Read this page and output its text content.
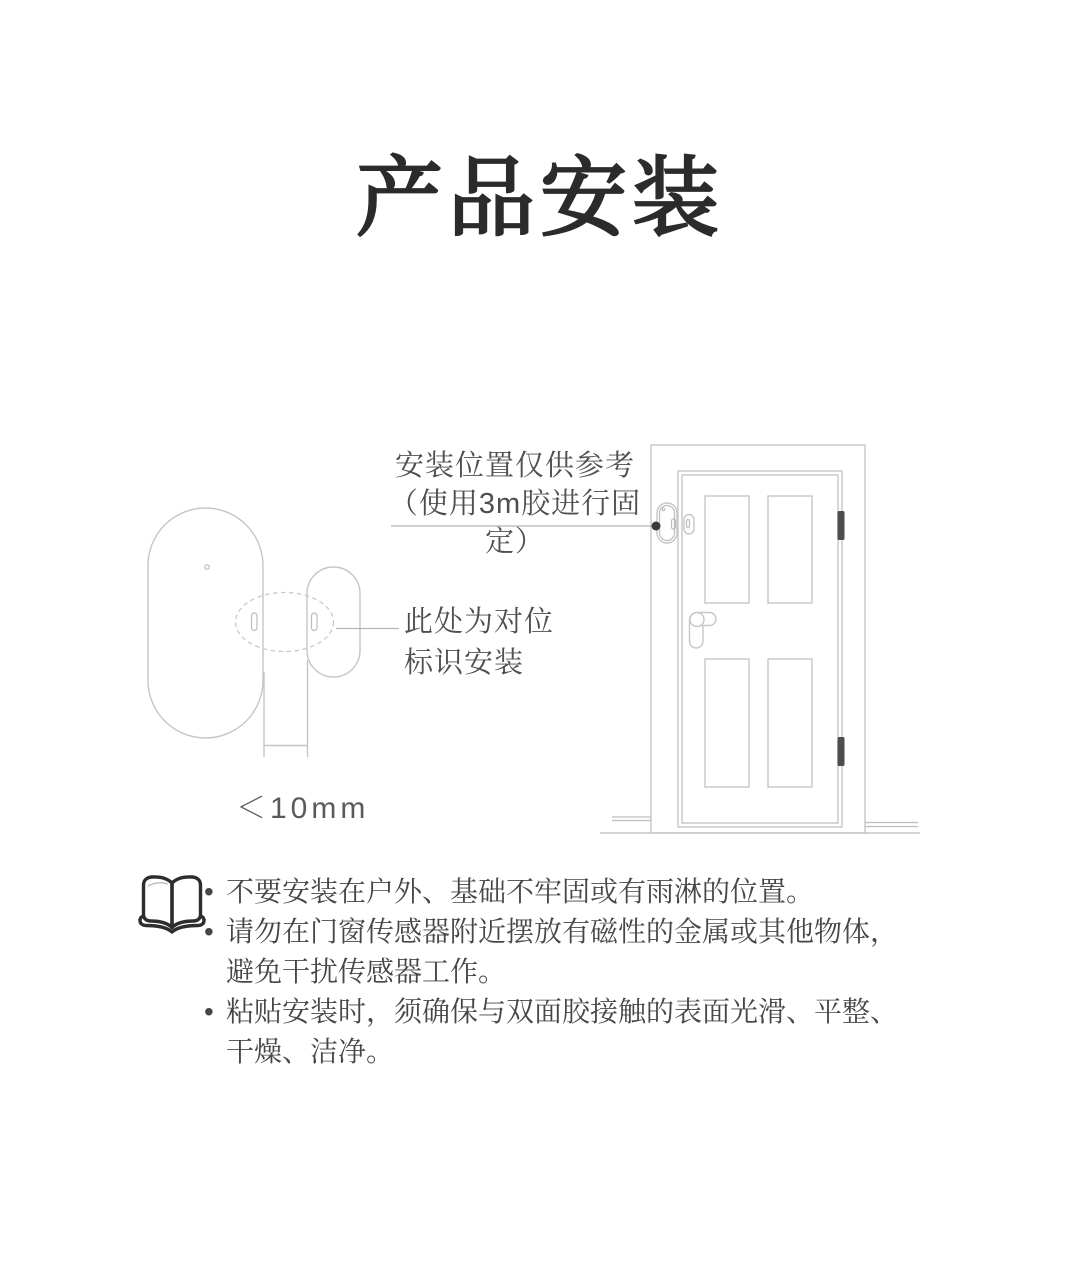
产品安装
安装位置仅供参考
（使用3m胶进行固定）
此处为对位
标识安装
＜10mm
• 不要安装在户外、基础不牢固或有雨淋的位置。
• 请勿在门窗传感器附近摆放有磁性的金属或其他物体，避免干扰传感器工作。
• 粘贴安装时，须确保与双面胶接触的表面光滑、平整、干燥、洁净。
